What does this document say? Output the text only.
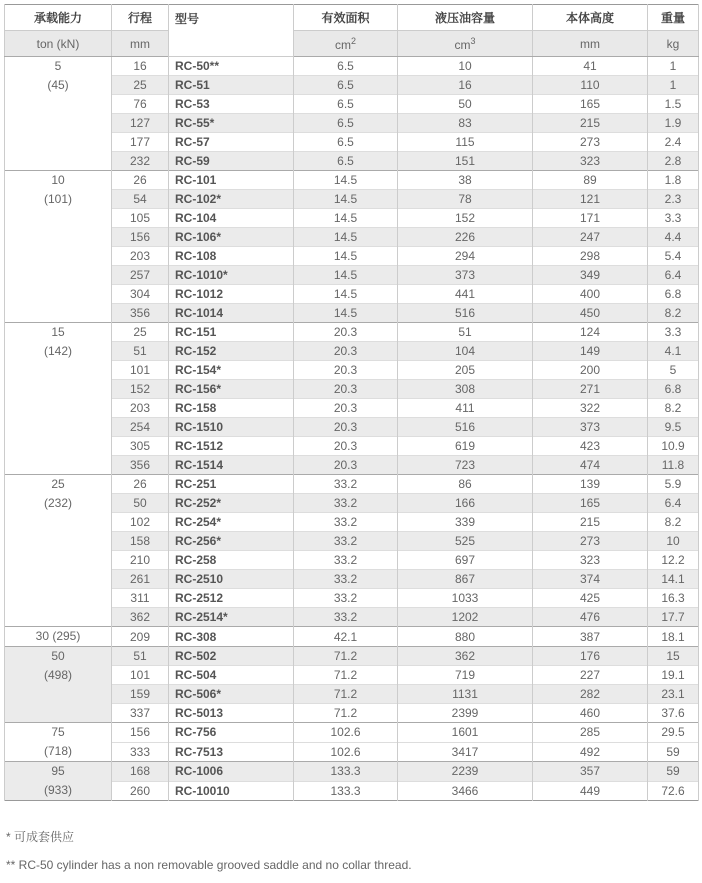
承载能力	行程	型号	有效面积	液压油容量	本体高度	重量
ton (kN)	mm		$cm^2$	$cm^3$	mm	kg

5
(45)	16	RC-50**	6.5	10	41	1
	25	RC-51	6.5	16	110	1
	76	RC-53	6.5	50	165	1.5
	127	RC-55*	6.5	83	215	1.9
	177	RC-57	6.5	115	273	2.4
	232	RC-59	6.5	151	323	2.8

10
(101)	26	RC-101	14.5	38	89	1.8
	54	RC-102*	14.5	78	121	2.3
	105	RC-104	14.5	152	171	3.3
	156	RC-106*	14.5	226	247	4.4
	203	RC-108	14.5	294	298	5.4
	257	RC-1010*	14.5	373	349	6.4
	304	RC-1012	14.5	441	400	6.8
	356	RC-1014	14.5	516	450	8.2

15
(142)	25	RC-151	20.3	51	124	3.3
	51	RC-152	20.3	104	149	4.1
	101	RC-154*	20.3	205	200	5
	152	RC-156*	20.3	308	271	6.8
	203	RC-158	20.3	411	322	8.2
	254	RC-1510	20.3	516	373	9.5
	305	RC-1512	20.3	619	423	10.9
	356	RC-1514	20.3	723	474	11.8

25
(232)	26	RC-251	33.2	86	139	5.9
	50	RC-252*	33.2	166	165	6.4
	102	RC-254*	33.2	339	215	8.2
	158	RC-256*	33.2	525	273	10
	210	RC-258	33.2	697	323	12.2
	261	RC-2510	33.2	867	374	14.1
	311	RC-2512	33.2	1033	425	16.3
	362	RC-2514*	33.2	1202	476	17.7

30 (295)	209	RC-308	42.1	880	387	18.1

50
(498)	51	RC-502	71.2	362	176	15
	101	RC-504	71.2	719	227	19.1
	159	RC-506*	71.2	1131	282	23.1
	337	RC-5013	71.2	2399	460	37.6

75
(718)	156	RC-756	102.6	1601	285	29.5
	333	RC-7513	102.6	3417	492	59

95
(933)	168	RC-1006	133.3	2239	357	59
	260	RC-10010	133.3	3466	449	72.6

* 可成套供应

** RC-50 cylinder has a non removable grooved saddle and no collar thread.
